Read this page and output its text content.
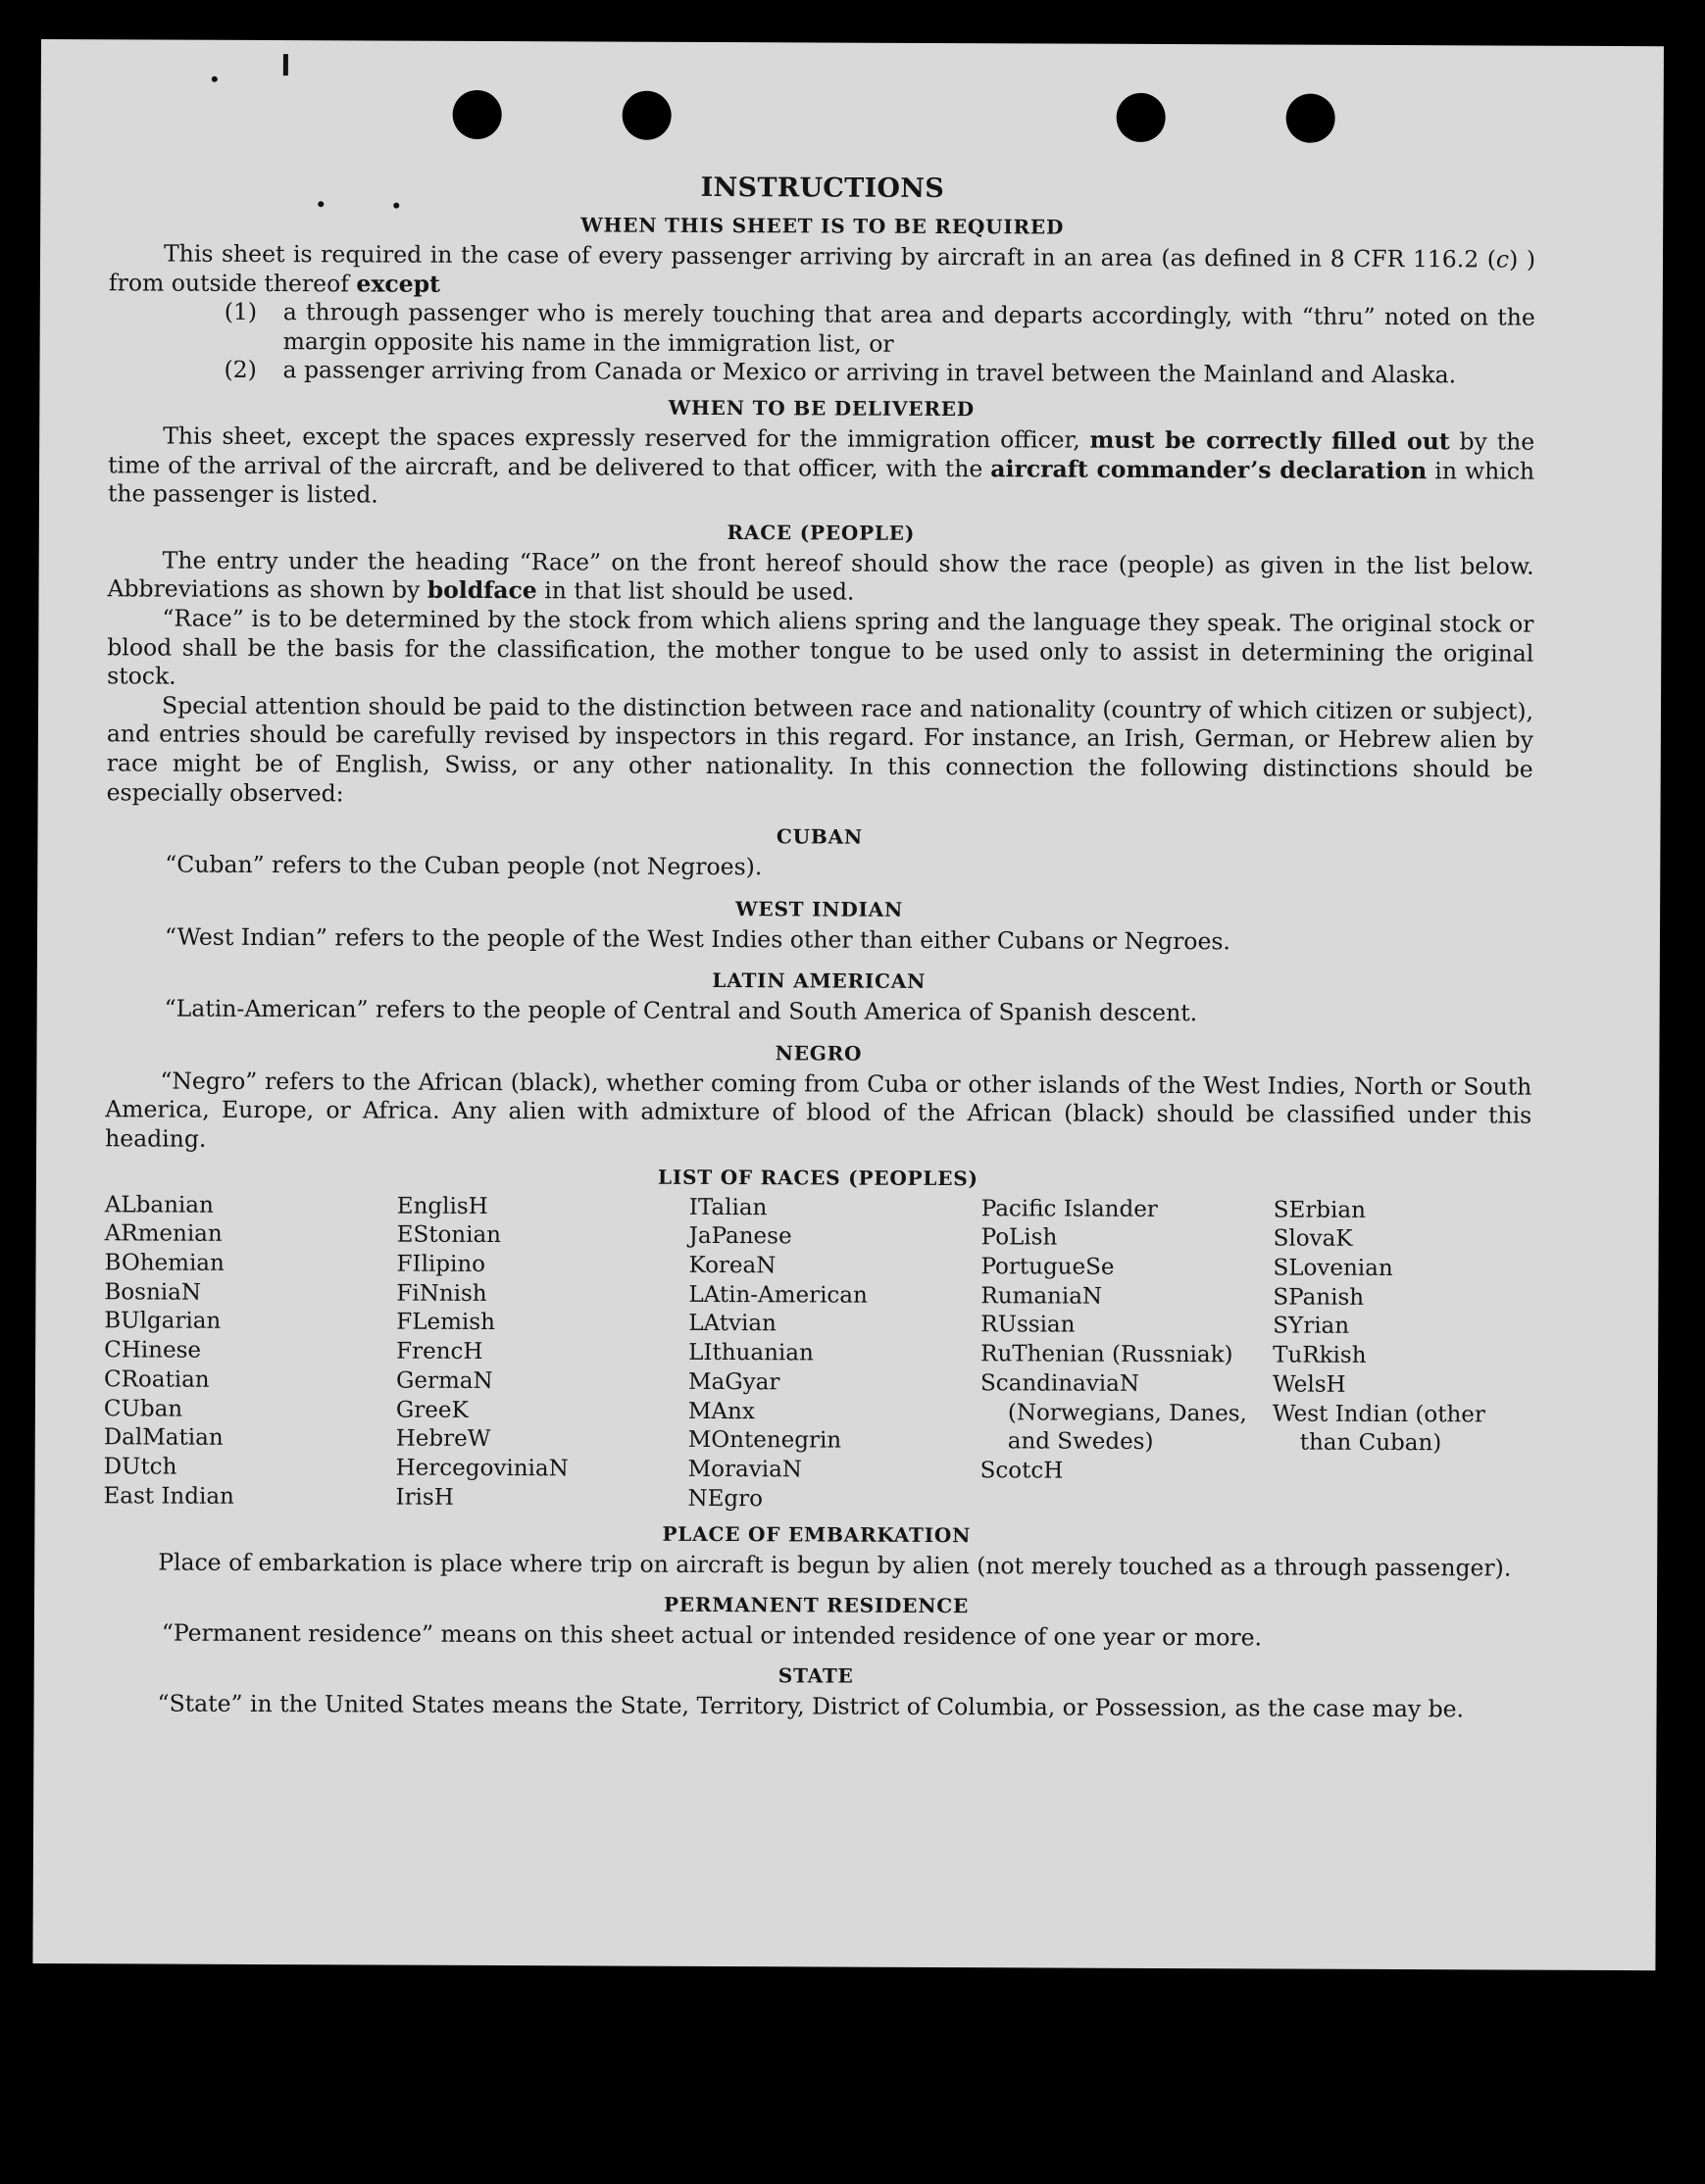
INSTRUCTIONS
WHEN THIS SHEET IS TO BE REQUIRED

This sheet is required in the case of every passenger arriving by aircraft in an area (as defined in 8 CFR 116.2 (c) ) from outside thereof except

(1) a through passenger who is merely touching that area and departs accordingly, with “thru” noted on the margin opposite his name in the immigration list, or
(2) a passenger arriving from Canada or Mexico or arriving in travel between the Mainland and Alaska.
WHEN TO BE DELIVERED

This sheet, except the spaces expressly reserved for the immigration officer, must be correctly filled out by the time of the arrival of the aircraft, and be delivered to that officer, with the aircraft commander’s declaration in which the passenger is listed.

RACE (PEOPLE)

The entry under the heading “Race” on the front hereof should show the race (people) as given in the list below. Abbreviations as shown by boldface in that list should be used.

“Race” is to be determined by the stock from which aliens spring and the language they speak. The original stock or blood shall be the basis for the classification, the mother tongue to be used only to assist in determining the original stock.

Special attention should be paid to the distinction between race and nationality (country of which citizen or subject), and entries should be carefully revised by inspectors in this regard. For instance, an Irish, German, or Hebrew alien by race might be of English, Swiss, or any other nationality. In this connection the following distinctions should be especially observed:

CUBAN

“Cuban” refers to the Cuban people (not Negroes).

WEST INDIAN

“West Indian” refers to the people of the West Indies other than either Cubans or Negroes.

LATIN AMERICAN

“Latin-American” refers to the people of Central and South America of Spanish descent.

NEGRO

“Negro” refers to the African (black), whether coming from Cuba or other islands of the West Indies, North or South America, Europe, or Africa. Any alien with admixture of blood of the African (black) should be classified under this heading.

LIST OF RACES (PEOPLES)
ALbanian
ARmenian
BOhemian
BosniaN
BUlgarian
CHinese
CRoatian
CUban
DalMatian
DUtch
East Indian
EnglisH
EStonian
FIlipino
FiNnish
FLemish
FrencH
GermaN
GreeK
HebreW
HercegoviniaN
IrisH
ITalian
JaPanese
KoreaN
LAtin-American
LAtvian
LIthuanian
MaGyar
MAnx
MOntenegrin
MoraviaN
NEgro
Pacific Islander
PoLish
PortugueSe
RumaniaN
RUssian
RuThenian (Russniak)
ScandinaviaN (Norwegians, Danes, and Swedes)
ScotcH
SErbian
SlovaK
SLovenian
SPanish
SYrian
TuRkish
WelsH
West Indian (other than Cuban)
PLACE OF EMBARKATION

Place of embarkation is place where trip on aircraft is begun by alien (not merely touched as a through passenger).

PERMANENT RESIDENCE

“Permanent residence” means on this sheet actual or intended residence of one year or more.

STATE

“State” in the United States means the State, Territory, District of Columbia, or Possession, as the case may be.
